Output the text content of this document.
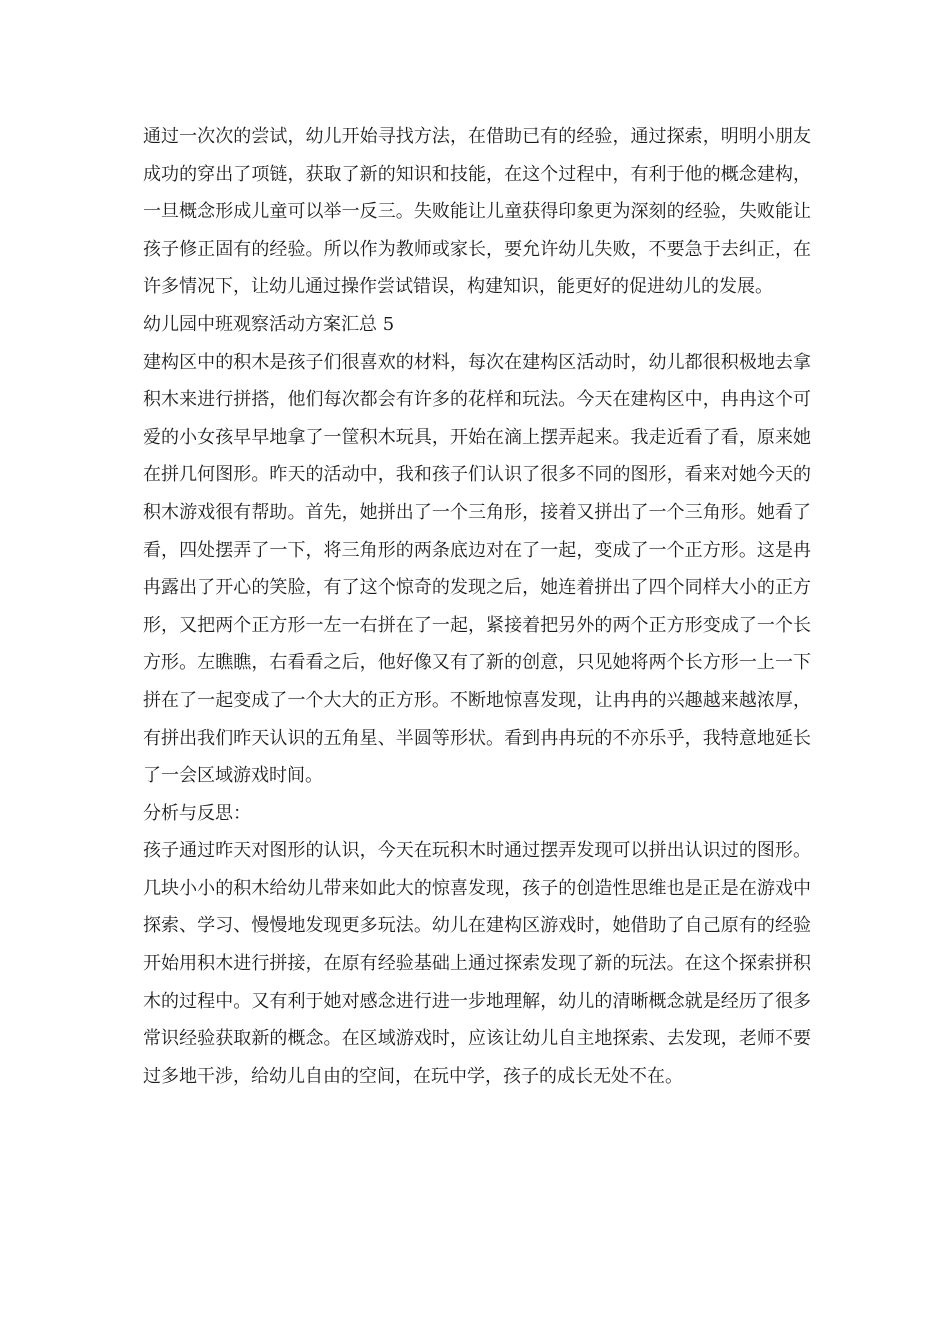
通过一次次的尝试，幼儿开始寻找方法，在借助已有的经验，通过探索，明明小朋友成功的穿出了项链，获取了新的知识和技能，在这个过程中，有利于他的概念建构，一旦概念形成儿童可以举一反三。失败能让儿童获得印象更为深刻的经验，失败能让孩子修正固有的经验。所以作为教师或家长，要允许幼儿失败，不要急于去纠正，在许多情况下，让幼儿通过操作尝试错误，构建知识，能更好的促进幼儿的发展。

幼儿园中班观察活动方案汇总 5

建构区中的积木是孩子们很喜欢的材料，每次在建构区活动时，幼儿都很积极地去拿积木来进行拼搭，他们每次都会有许多的花样和玩法。今天在建构区中，冉冉这个可爱的小女孩早早地拿了一筐积木玩具，开始在滴上摆弄起来。我走近看了看，原来她在拼几何图形。昨天的活动中，我和孩子们认识了很多不同的图形，看来对她今天的积木游戏很有帮助。首先，她拼出了一个三角形，接着又拼出了一个三角形。她看了看，四处摆弄了一下，将三角形的两条底边对在了一起，变成了一个正方形。这是冉冉露出了开心的笑脸，有了这个惊奇的发现之后，她连着拼出了四个同样大小的正方形，又把两个正方形一左一右拼在了一起，紧接着把另外的两个正方形变成了一个长方形。左瞧瞧，右看看之后，他好像又有了新的创意，只见她将两个长方形一上一下拼在了一起变成了一个大大的正方形。不断地惊喜发现，让冉冉的兴趣越来越浓厚，有拼出我们昨天认识的五角星、半圆等形状。看到冉冉玩的不亦乐乎，我特意地延长了一会区域游戏时间。

分析与反思：

孩子通过昨天对图形的认识，今天在玩积木时通过摆弄发现可以拼出认识过的图形。几块小小的积木给幼儿带来如此大的惊喜发现，孩子的创造性思维也是正是在游戏中探索、学习、慢慢地发现更多玩法。幼儿在建构区游戏时，她借助了自己原有的经验开始用积木进行拼接，在原有经验基础上通过探索发现了新的玩法。在这个探索拼积木的过程中。又有利于她对感念进行进一步地理解，幼儿的清晰概念就是经历了很多常识经验获取新的概念。在区域游戏时，应该让幼儿自主地探索、去发现，老师不要过多地干涉，给幼儿自由的空间，在玩中学，孩子的成长无处不在。
